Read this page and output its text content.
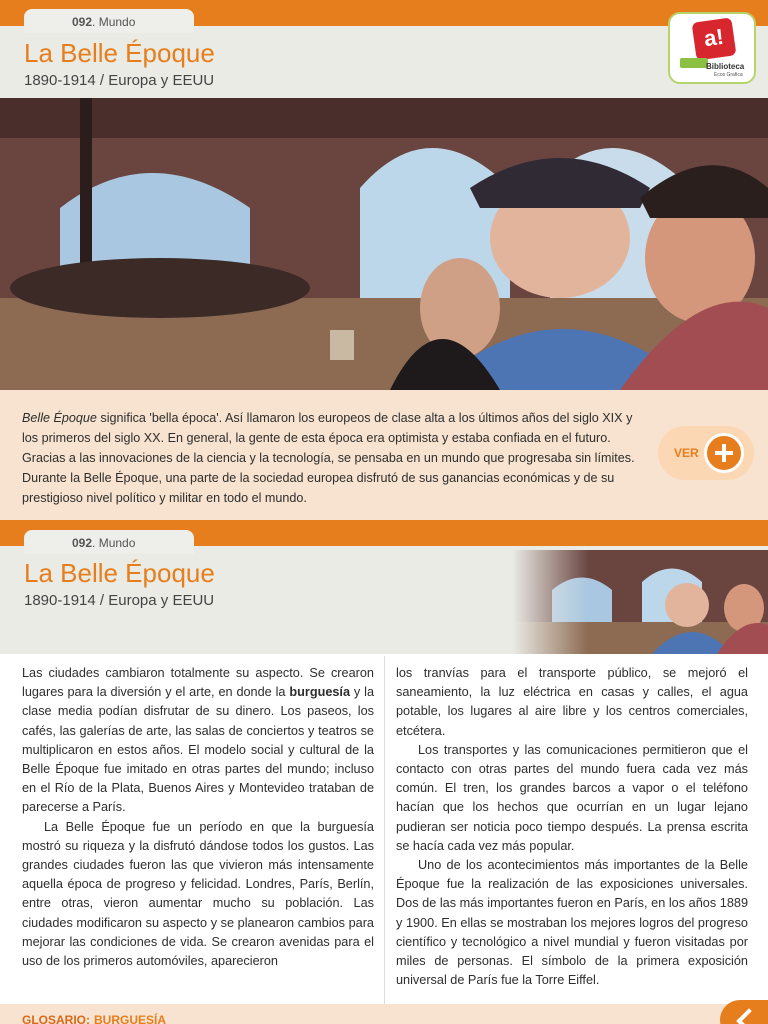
092. Mundo
La Belle Époque
1890-1914 / Europa y EEUU
a!
Biblioteca
Ecos Grafica

Belle Époque significa 'bella época'. Así llamaron los europeos de clase alta a los últimos años del siglo XIX y los primeros del siglo XX. En general, la gente de esta época era optimista y estaba confiada en el futuro. Gracias a las innovaciones de la ciencia y la tecnología, se pensaba en un mundo que progresaba sin límites. Durante la Belle Époque, una parte de la sociedad europea disfrutó de sus ganancias económicas y de su prestigioso nivel político y militar en todo el mundo.

VER
092. Mundo
La Belle Époque
1890-1914 / Europa y EEUU

Las ciudades cambiaron totalmente su aspecto. Se crearon lugares para la diversión y el arte, en donde la burguesía y la clase media podían disfrutar de su dinero. Los paseos, los cafés, las galerías de arte, las salas de conciertos y teatros se multiplicaron en estos años. El modelo social y cultural de la Belle Époque fue imitado en otras partes del mundo; incluso en el Río de la Plata, Buenos Aires y Montevideo trataban de parecerse a París.

La Belle Époque fue un período en que la burguesía mostró su riqueza y la disfrutó dándose todos los gustos. Las grandes ciudades fueron las que vivieron más intensamente aquella época de progreso y felicidad. Londres, París, Berlín, entre otras, vieron aumentar mucho su población. Las ciudades modificaron su aspecto y se planearon cambios para mejorar las condiciones de vida. Se crearon avenidas para el uso de los primeros automóviles, aparecieron

los tranvías para el transporte público, se mejoró el saneamiento, la luz eléctrica en casas y calles, el agua potable, los lugares al aire libre y los centros comerciales, etcétera.

Los transportes y las comunicaciones permitieron que el contacto con otras partes del mundo fuera cada vez más común. El tren, los grandes barcos a vapor o el teléfono hacían que los hechos que ocurrían en un lugar lejano pudieran ser noticia poco tiempo después. La prensa escrita se hacía cada vez más popular.

Uno de los acontecimientos más importantes de la Belle Époque fue la realización de las exposiciones universales. Dos de las más importantes fueron en París, en los años 1889 y 1900. En ellas se mostraban los mejores logros del progreso científico y tecnológico a nivel mundial y fueron visitadas por miles de personas. El símbolo de la primera exposición universal de París fue la Torre Eiffel.

GLOSARIO: BURGUESÍA
